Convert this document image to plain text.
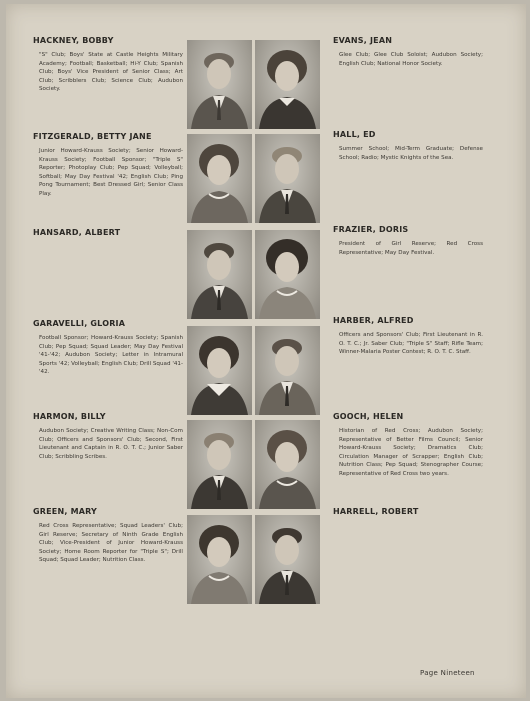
HACKNEY, BOBBY

"S" Club; Boys' State at Castle Heights Military Academy; Football; Basketball; Hi-Y Club; Spanish Club; Boys' Vice President of Senior Class; Art Club; Scribblers Club; Science Club; Audubon Society.

FITZGERALD, BETTY JANE

Junior Howard-Krauss Society; Senior Howard-Krauss Society; Football Sponsor; "Triple S" Reporter; Photoplay Club; Pep Squad; Volleyball; Softball; May Day Festival '42; English Club; Ping Pong Tournament; Best Dressed Girl; Senior Class Play.

HANSARD, ALBERT

GARAVELLI, GLORIA

Football Sponsor; Howard-Krauss Society; Spanish Club; Pep Squad; Squad Leader; May Day Festival '41-'42; Audubon Society; Letter in Intramural Sports '42; Volleyball; English Club; Drill Squad '41-'42.

HARMON, BILLY

Audubon Society; Creative Writing Class; Non-Com Club; Officers and Sponsors' Club; Second, First Lieutenant and Captain in R. O. T. C.; Junior Saber Club; Scribbling Scribes.

GREEN, MARY

Red Cross Representative; Squad Leaders' Club; Girl Reserve; Secretary of Ninth Grade English Club; Vice-President of Junior Howard-Krauss Society; Home Room Reporter for "Triple S"; Drill Squad; Squad Leader; Nutrition Class.

EVANS, JEAN

Glee Club; Glee Club Soloist; Audubon Society; English Club; National Honor Society.

HALL, ED

Summer School; Mid-Term Graduate; Defense School; Radio; Mystic Knights of the Sea.

FRAZIER, DORIS

President of Girl Reserve; Red Cross Representative; May Day Festival.

HARBER, ALFRED

Officers and Sponsors' Club; First Lieutenant in R. O. T. C.; Jr. Saber Club; "Triple S" Staff; Rifle Team; Winner-Malaria Poster Contest; R. O. T. C. Staff.

GOOCH, HELEN

Historian of Red Cross; Audubon Society; Representative of Better Films Council; Senior Howard-Krauss Society; Dramatics Club; Circulation Manager of Scrapper; English Club; Nutrition Class; Pep Squad; Stenographer Course; Representative of Red Cross two years.

HARRELL, ROBERT

Page Nineteen
